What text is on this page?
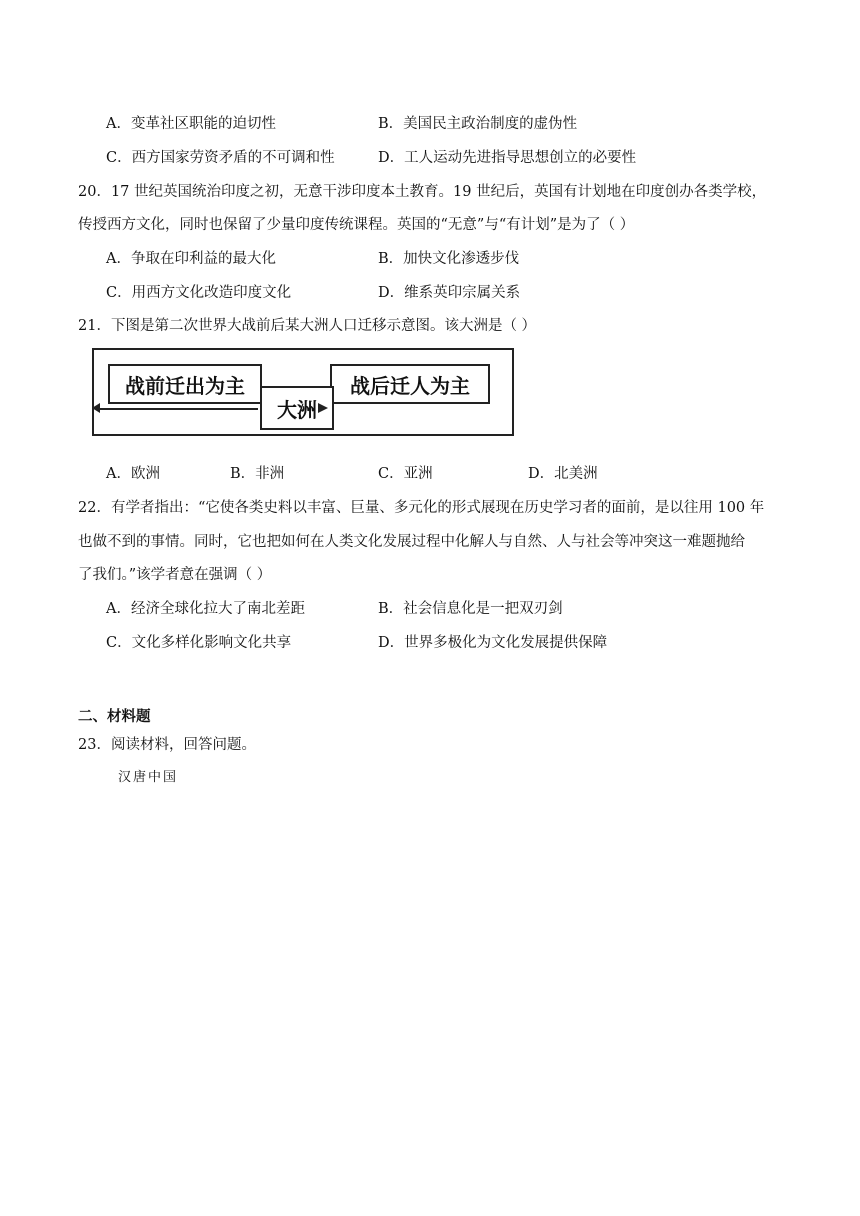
A．变革社区职能的迫切性	B．美国民主政治制度的虚伪性
C．西方国家劳资矛盾的不可调和性	D．工人运动先进指导思想创立的必要性
20．17 世纪英国统治印度之初，无意干涉印度本土教育。19 世纪后，英国有计划地在印度创办各类学校，
传授西方文化，同时也保留了少量印度传统课程。英国的“无意”与“有计划”是为了（ ）
A．争取在印利益的最大化	B．加快文化渗透步伐
C．用西方文化改造印度文化	D．维系英印宗属关系
21．下图是第二次世界大战前后某大洲人口迁移示意图。该大洲是（ ）
战前迁出为主	战后迁人为主
大洲
A．欧洲	B．非洲	C．亚洲	D．北美洲
22．有学者指出：“它使各类史料以丰富、巨量、多元化的形式展现在历史学习者的面前，是以往用 100 年
也做不到的事情。同时，它也把如何在人类文化发展过程中化解人与自然、人与社会等冲突这一难题抛给
了我们。”该学者意在强调（ ）
A．经济全球化拉大了南北差距	B．社会信息化是一把双刃剑
C．文化多样化影响文化共享	D．世界多极化为文化发展提供保障
二、材料题
23．阅读材料，回答问题。
汉唐中国
